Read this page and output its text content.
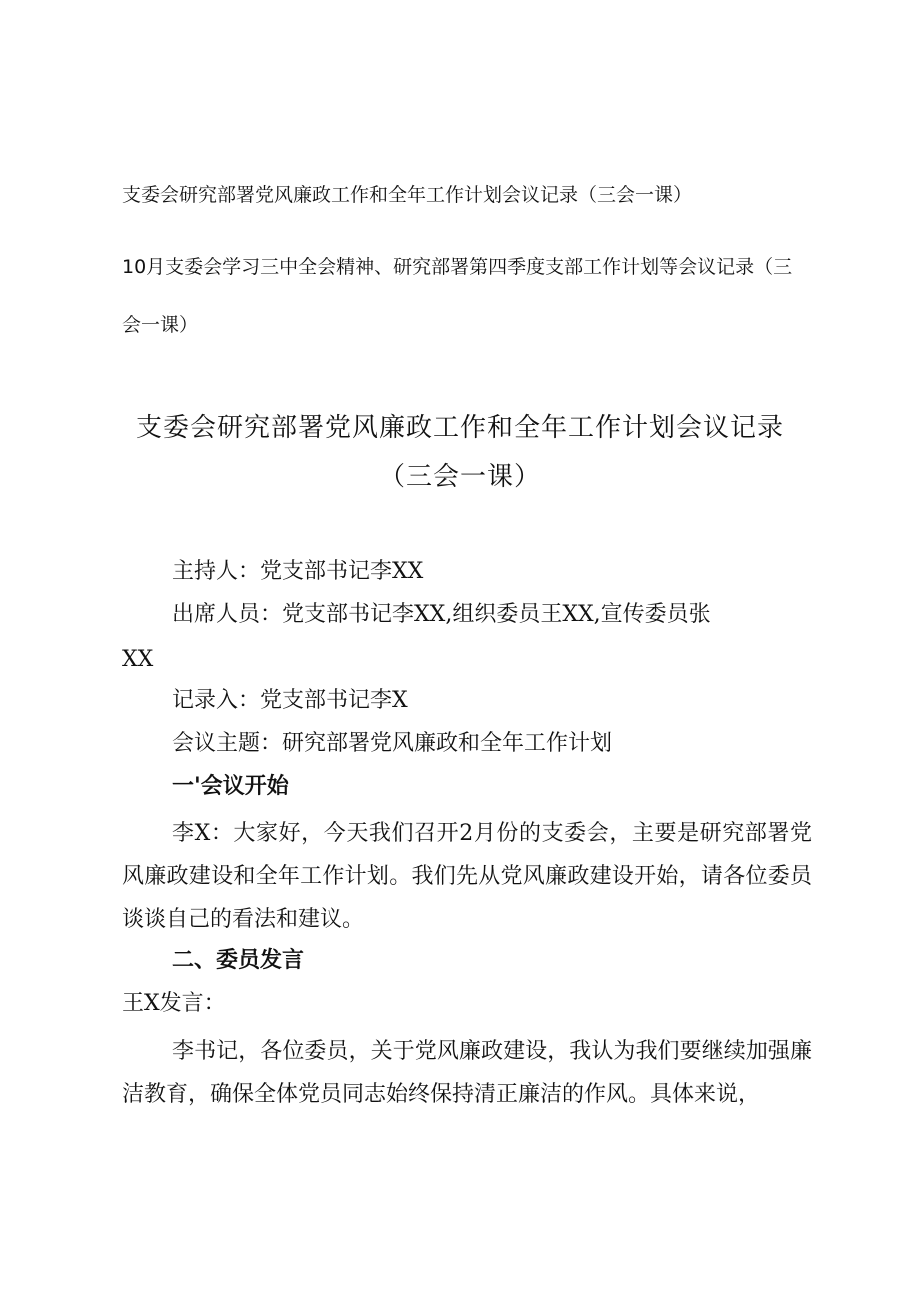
支委会研究部署党风廉政工作和全年工作计划会议记录（三会一课）
10月支委会学习三中全会精神、研究部署第四季度支部工作计划等会议记录（三会一课）
支委会研究部署党风廉政工作和全年工作计划会议记录
（三会一课）
主持人：党支部书记李XX
出席人员：党支部书记李XX,组织委员王XX,宣传委员张
XX
记录入：党支部书记李X
会议主题：研究部署党风廉政和全年工作计划
一'会议开始
李X：大家好，今天我们召开2月份的支委会，主要是研究部署党风廉政建设和全年工作计划。我们先从党风廉政建设开始，请各位委员谈谈自己的看法和建议。
二、委员发言
王X发言：
李书记，各位委员，关于党风廉政建设，我认为我们要继续加强廉洁教育，确保全体党员同志始终保持清正廉洁的作风。具体来说，
